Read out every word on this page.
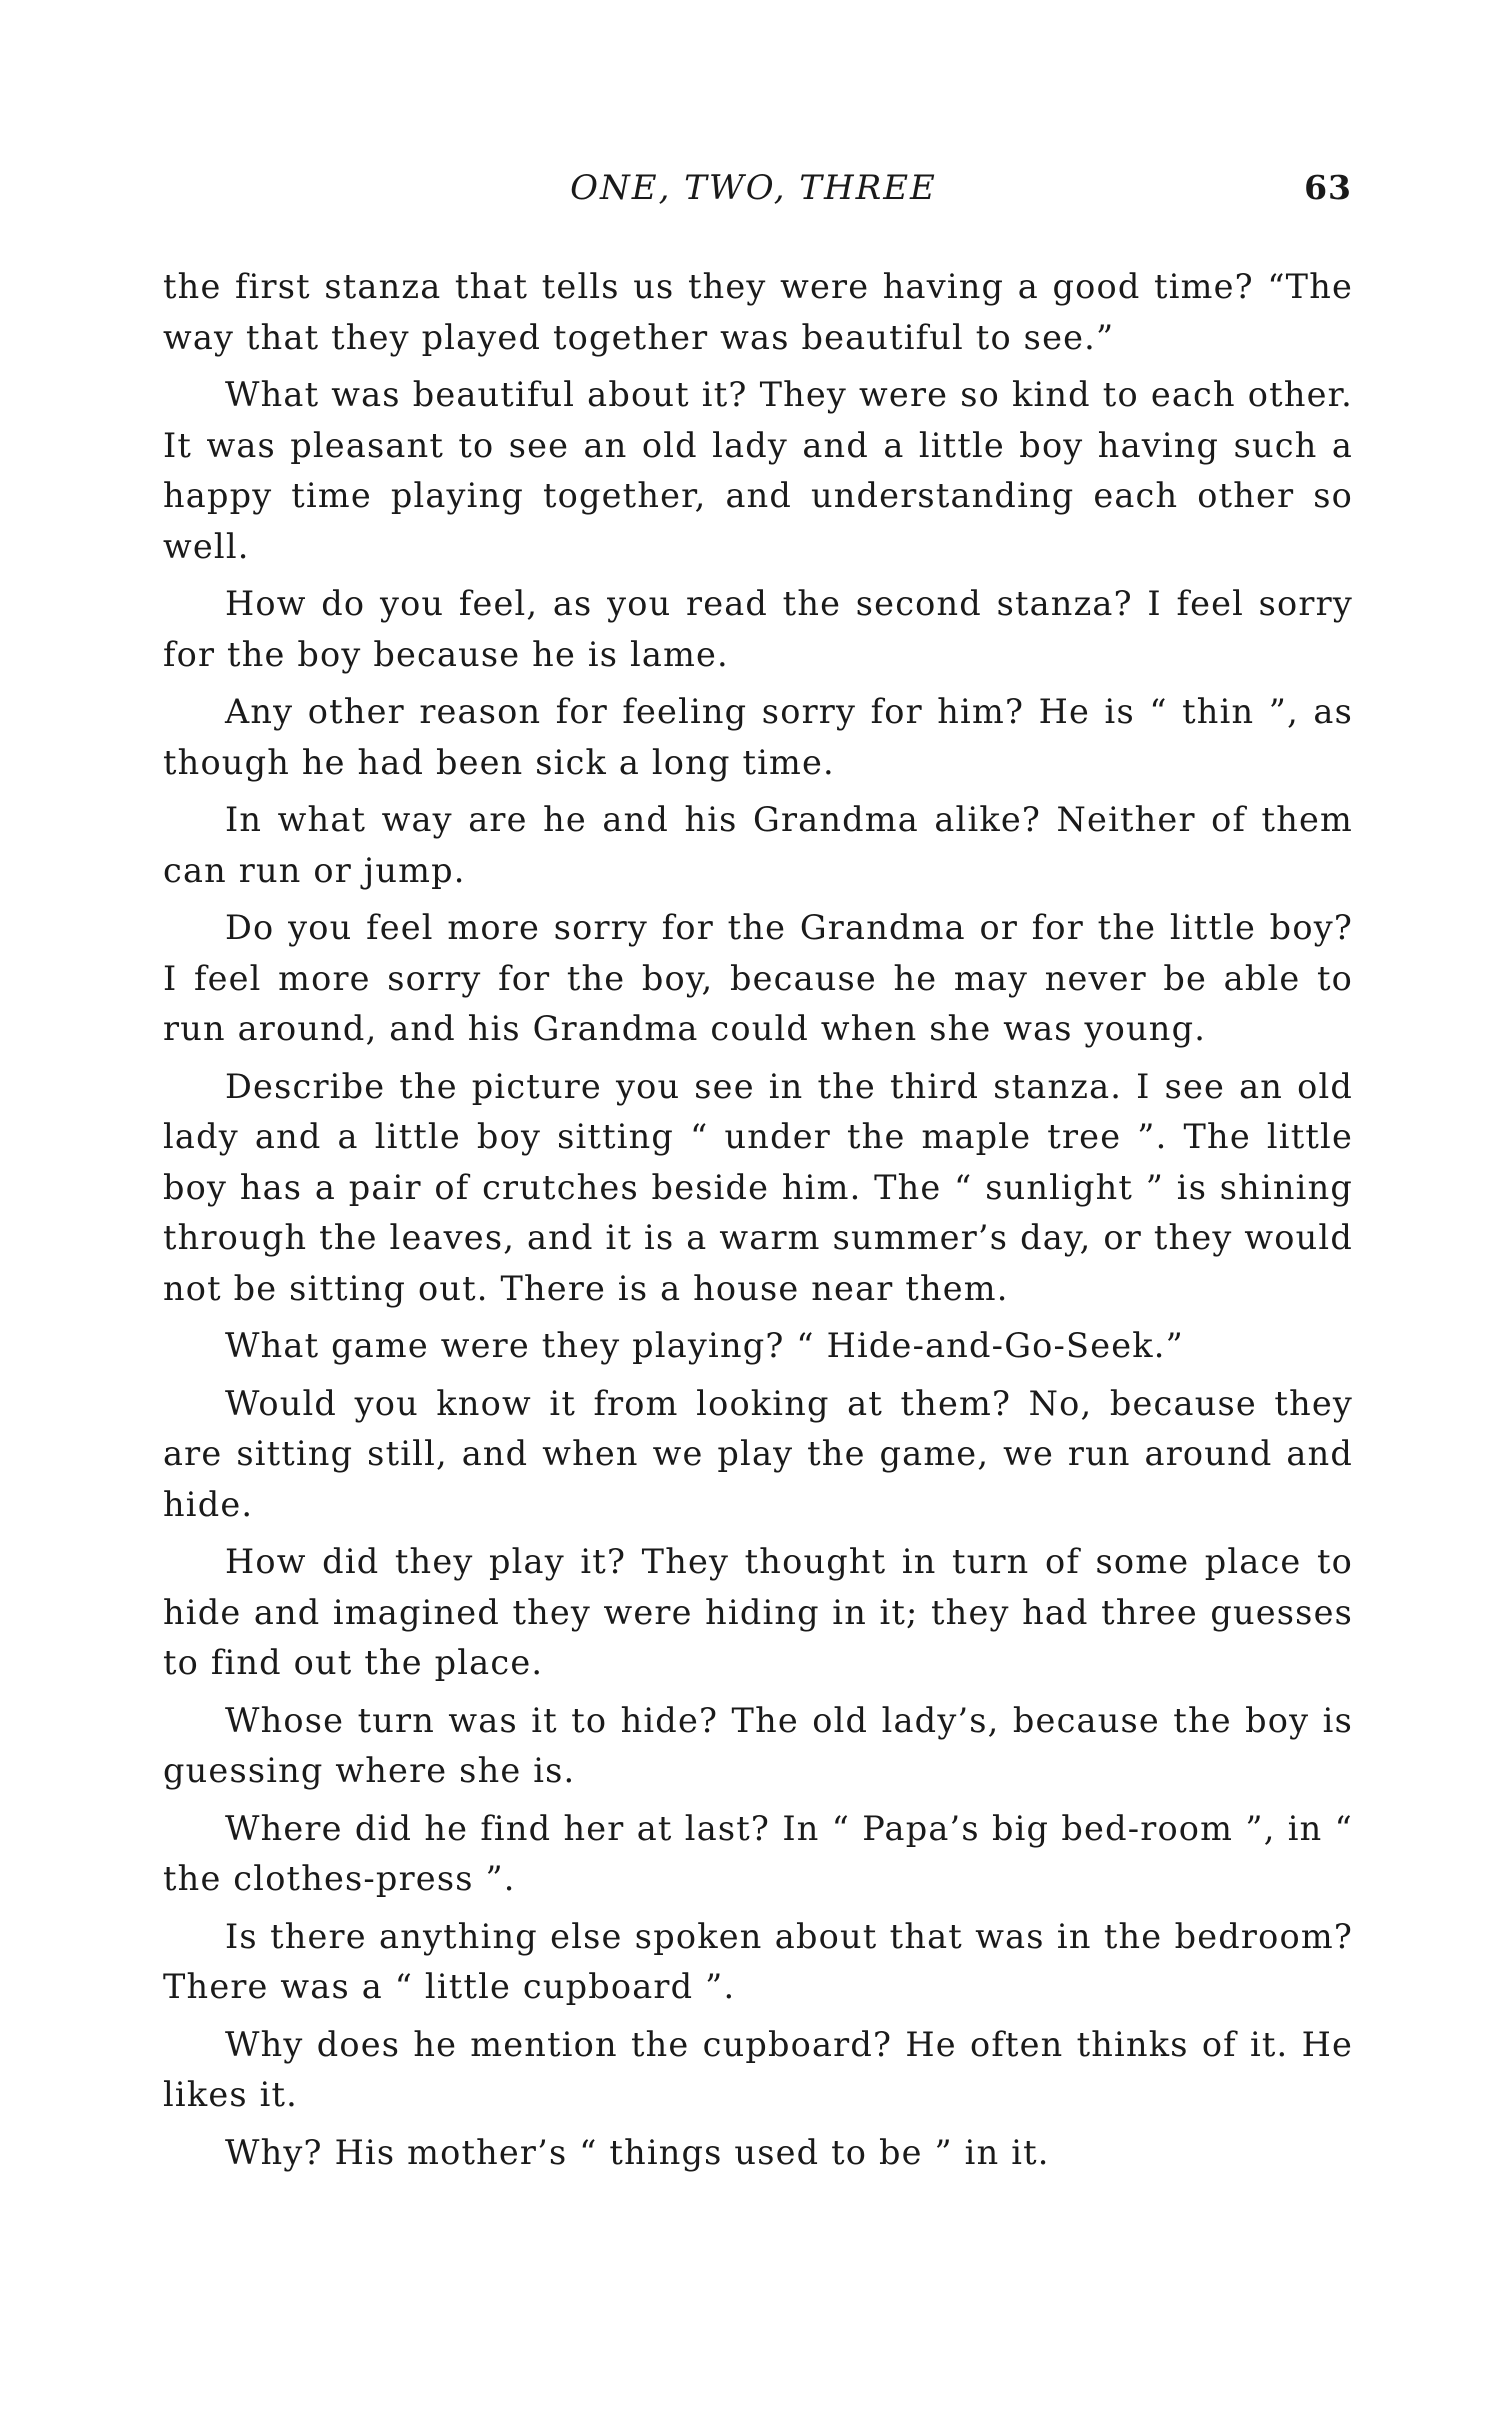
ONE, TWO, THREE	63

the first stanza that tells us they were having a good time? “The way that they played together was beautiful to see.”

What was beautiful about it? They were so kind to each other. It was pleasant to see an old lady and a little boy having such a happy time playing together, and understanding each other so well.

How do you feel, as you read the second stanza? I feel sorry for the boy because he is lame.

Any other reason for feeling sorry for him? He is “ thin ”, as though he had been sick a long time.

In what way are he and his Grandma alike? Neither of them can run or jump.

Do you feel more sorry for the Grandma or for the little boy? I feel more sorry for the boy, because he may never be able to run around, and his Grandma could when she was young.

Describe the picture you see in the third stanza. I see an old lady and a little boy sitting “ under the maple tree ”. The little boy has a pair of crutches beside him. The “ sunlight ” is shining through the leaves, and it is a warm summer’s day, or they would not be sitting out. There is a house near them.

What game were they playing? “ Hide-and-Go-Seek.”

Would you know it from looking at them? No, because they are sitting still, and when we play the game, we run around and hide.

How did they play it? They thought in turn of some place to hide and imagined they were hiding in it; they had three guesses to find out the place.

Whose turn was it to hide? The old lady’s, because the boy is guessing where she is.

Where did he find her at last? In “ Papa’s big bed-room ”, in “ the clothes-press ”.

Is there anything else spoken about that was in the bedroom? There was a “ little cupboard ”.

Why does he mention the cupboard? He often thinks of it. He likes it.

Why? His mother’s “ things used to be ” in it.
